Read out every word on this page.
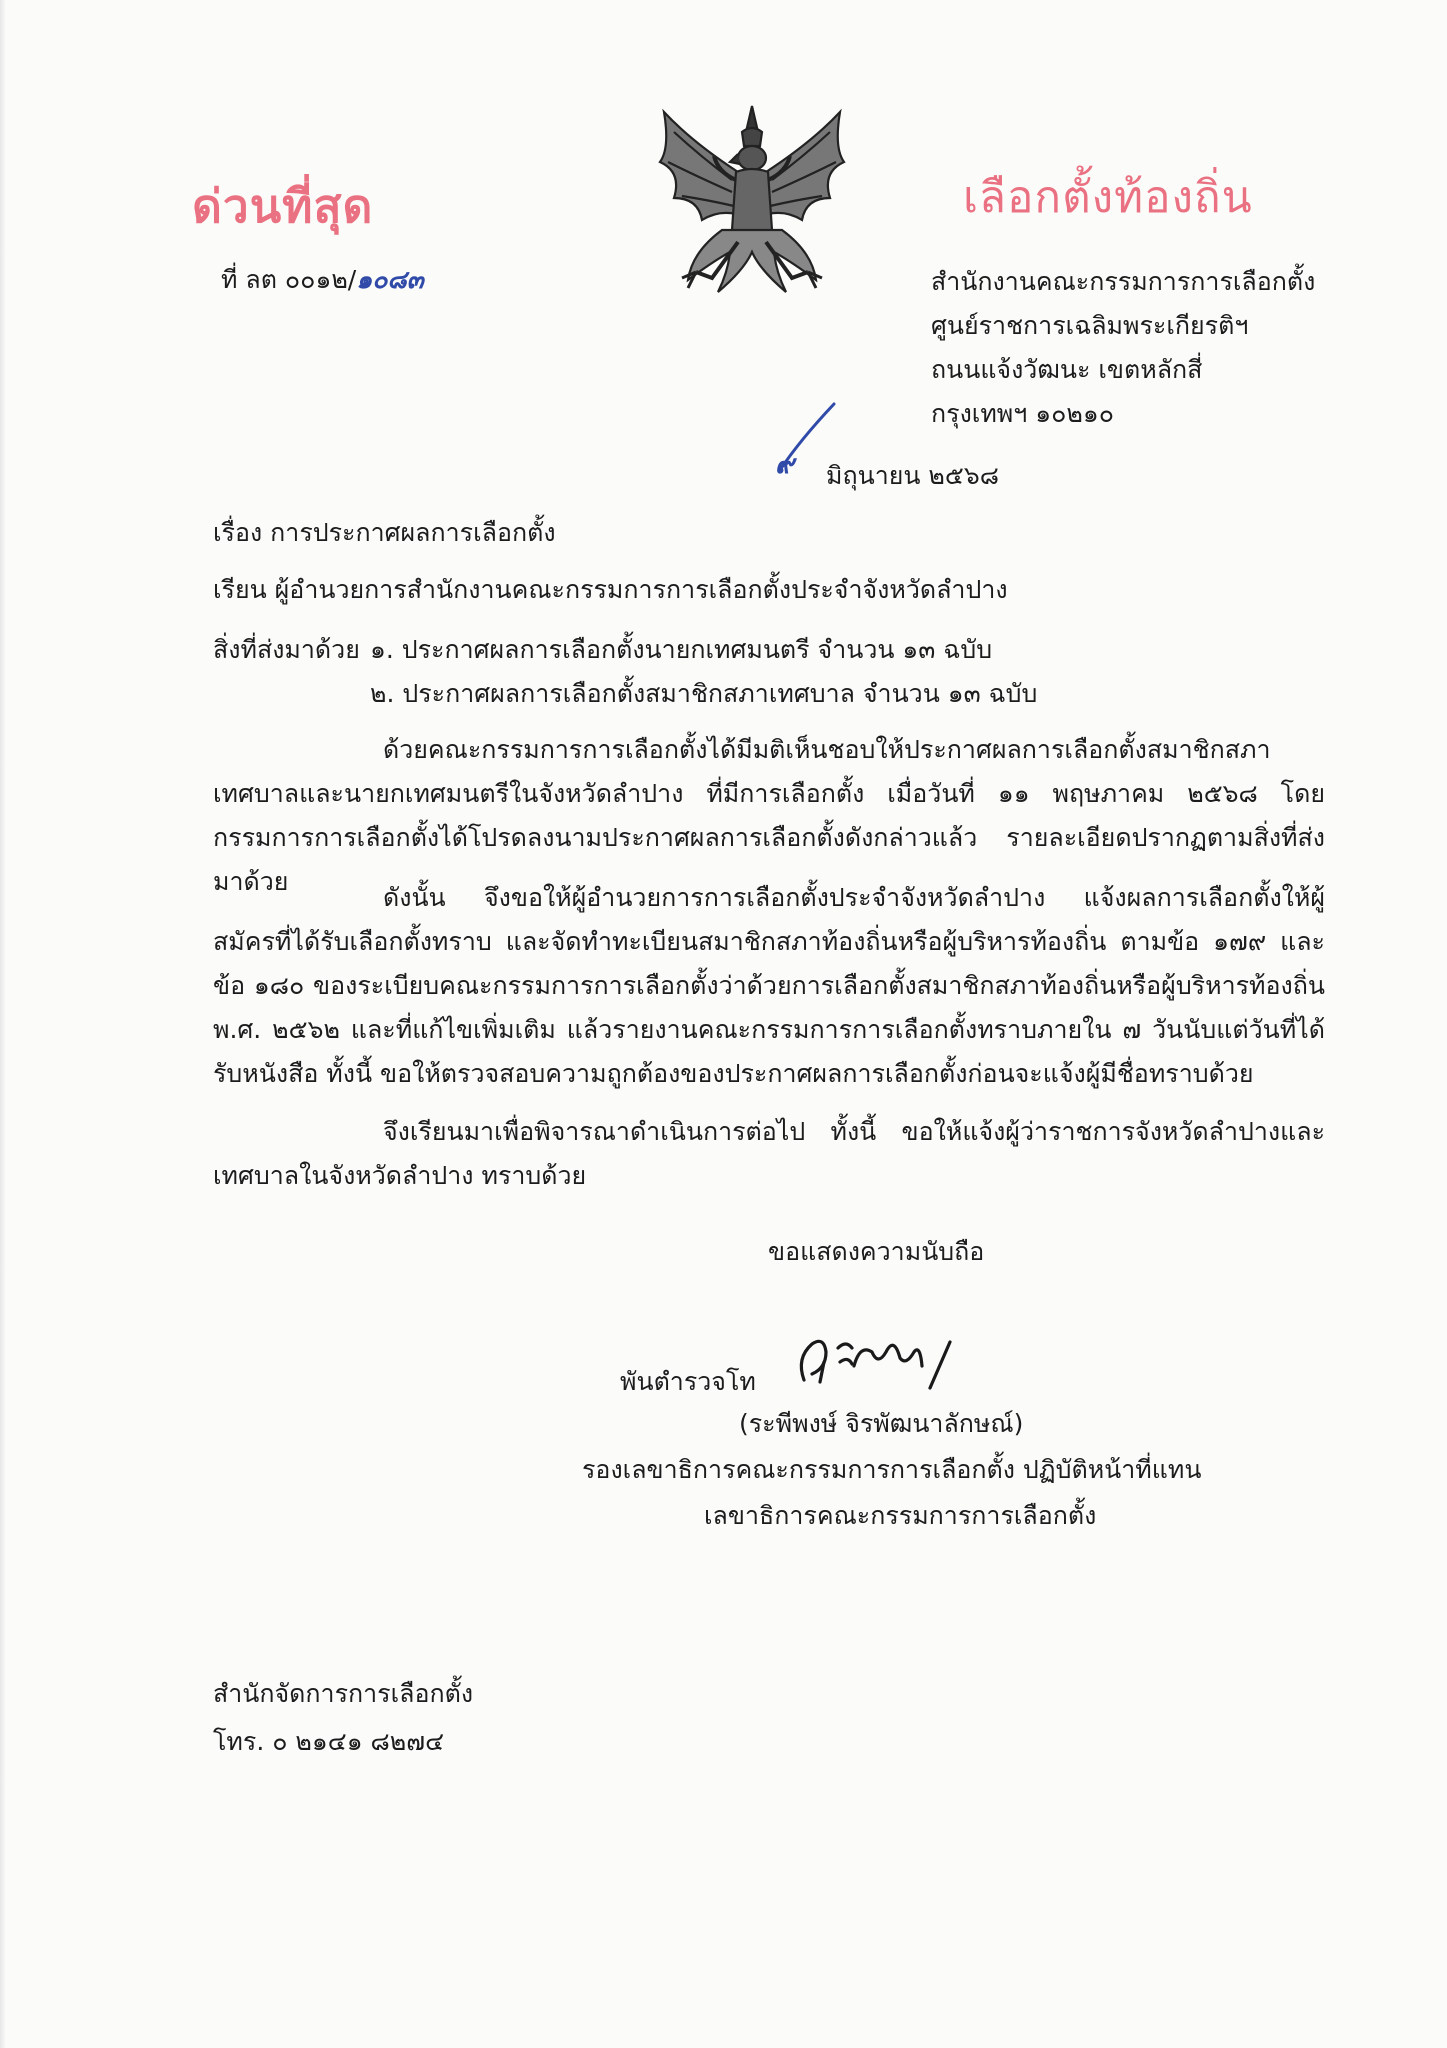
ด่วนที่สุด	เลือกตั้งท้องถิ่น
ที่ ลต ๐๐๑๒/๑๐๘๓	สำนักงานคณะกรรมการการเลือกตั้ง
ศูนย์ราชการเฉลิมพระเกียรติฯ
ถนนแจ้งวัฒนะ เขตหลักสี่
กรุงเทพฯ ๑๐๒๑๐
๙ มิถุนายน ๒๕๖๘
เรื่อง การประกาศผลการเลือกตั้ง
เรียน ผู้อำนวยการสำนักงานคณะกรรมการการเลือกตั้งประจำจังหวัดลำปาง
สิ่งที่ส่งมาด้วย ๑. ประกาศผลการเลือกตั้งนายกเทศมนตรี จำนวน ๑๓ ฉบับ
๒. ประกาศผลการเลือกตั้งสมาชิกสภาเทศบาล จำนวน ๑๓ ฉบับ
ด้วยคณะกรรมการการเลือกตั้งได้มีมติเห็นชอบให้ประกาศผลการเลือกตั้งสมาชิกสภาเทศบาลและนายกเทศมนตรีในจังหวัดลำปาง ที่มีการเลือกตั้ง เมื่อวันที่ ๑๑ พฤษภาคม ๒๕๖๘ โดยกรรมการการเลือกตั้งได้โปรดลงนามประกาศผลการเลือกตั้งดังกล่าวแล้ว รายละเอียดปรากฏตามสิ่งที่ส่งมาด้วย
ดังนั้น จึงขอให้ผู้อำนวยการการเลือกตั้งประจำจังหวัดลำปาง แจ้งผลการเลือกตั้งให้ผู้สมัครที่ได้รับเลือกตั้งทราบ และจัดทำทะเบียนสมาชิกสภาท้องถิ่นหรือผู้บริหารท้องถิ่น ตามข้อ ๑๗๙ และข้อ ๑๘๐ ของระเบียบคณะกรรมการการเลือกตั้งว่าด้วยการเลือกตั้งสมาชิกสภาท้องถิ่นหรือผู้บริหารท้องถิ่น พ.ศ. ๒๕๖๒ และที่แก้ไขเพิ่มเติม แล้วรายงานคณะกรรมการการเลือกตั้งทราบภายใน ๗ วันนับแต่วันที่ได้รับหนังสือ ทั้งนี้ ขอให้ตรวจสอบความถูกต้องของประกาศผลการเลือกตั้งก่อนจะแจ้งผู้มีชื่อทราบด้วย
จึงเรียนมาเพื่อพิจารณาดำเนินการต่อไป ทั้งนี้ ขอให้แจ้งผู้ว่าราชการจังหวัดลำปางและเทศบาลในจังหวัดลำปาง ทราบด้วย
ขอแสดงความนับถือ
พันตำรวจโท
(ระพีพงษ์ จิรพัฒนาลักษณ์)
รองเลขาธิการคณะกรรมการการเลือกตั้ง ปฏิบัติหน้าที่แทน
เลขาธิการคณะกรรมการการเลือกตั้ง
สำนักจัดการการเลือกตั้ง
โทร. ๐ ๒๑๔๑ ๘๒๗๔
